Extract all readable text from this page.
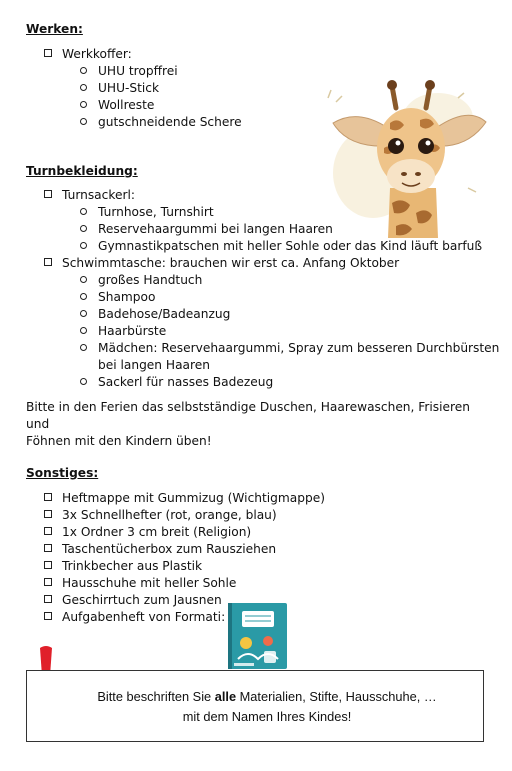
Werken:
Werkkoffer:
UHU tropffrei
UHU-Stick
Wollreste
gutschneidende Schere
Turnbekleidung:
Turnsackerl:
Turnhose, Turnshirt
Reservehaargummi bei langen Haaren
Gymnastikpatschen mit heller Sohle oder das Kind läuft barfuß
Schwimmtasche: brauchen wir erst ca. Anfang Oktober
großes Handtuch
Shampoo
Badehose/Badeanzug
Haarbürste
Mädchen: Reservehaargummi, Spray zum besseren Durchbürsten
bei langen Haaren
Sackerl für nasses Badezeug
Bitte in den Ferien das selbstständige Duschen, Haarewaschen, Frisieren und
Föhnen mit den Kindern üben!
Sonstiges:
Heftmappe mit Gummizug (Wichtigmappe)
3x Schnellhefter (rot, orange, blau)
1x Ordner 3 cm breit (Religion)
Taschentücherbox zum Rausziehen
Trinkbecher aus Plastik
Hausschuhe mit heller Sohle
Geschirrtuch zum Jausnen
Aufgabenheft von Formati:
Bitte beschriften Sie alle Materialien, Stifte, Hausschuhe, …
mit dem Namen Ihres Kindes!
